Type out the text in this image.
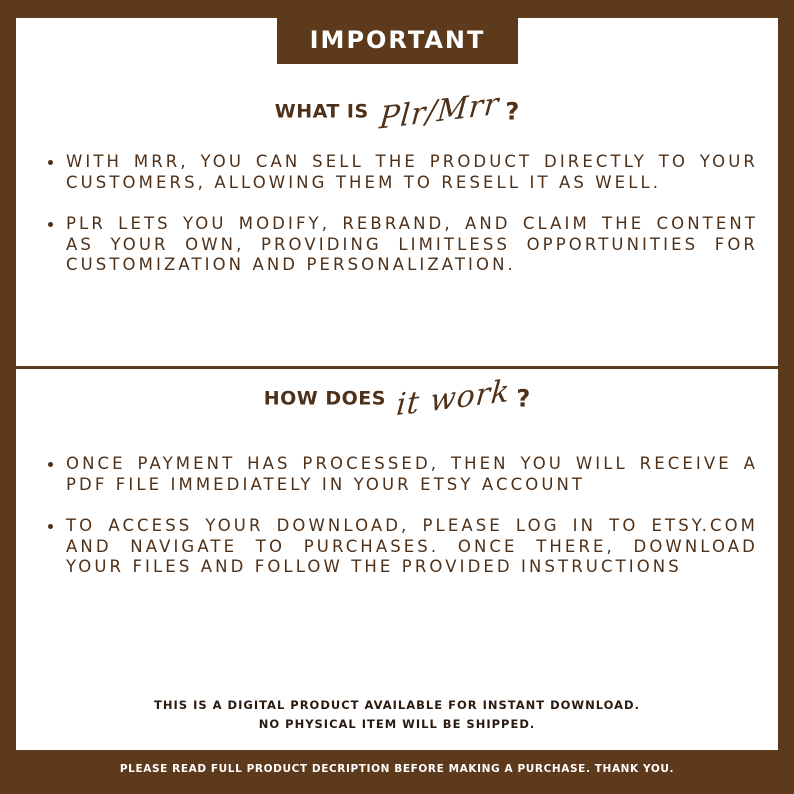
IMPORTANT
WHAT IS Plr/Mrr ?
WITH MRR, YOU CAN SELL THE PRODUCT DIRECTLY TO YOUR CUSTOMERS, ALLOWING THEM TO RESELL IT AS WELL.
PLR LETS YOU MODIFY, REBRAND, AND CLAIM THE CONTENT AS YOUR OWN, PROVIDING LIMITLESS OPPORTUNITIES FOR CUSTOMIZATION AND PERSONALIZATION.
HOW DOES it work ?
ONCE PAYMENT HAS PROCESSED, THEN YOU WILL RECEIVE A PDF FILE IMMEDIATELY IN YOUR ETSY ACCOUNT
TO ACCESS YOUR DOWNLOAD, PLEASE LOG IN TO ETSY.COM AND NAVIGATE TO PURCHASES. ONCE THERE, DOWNLOAD YOUR FILES AND FOLLOW THE PROVIDED INSTRUCTIONS
THIS IS A DIGITAL PRODUCT AVAILABLE FOR INSTANT DOWNLOAD.
NO PHYSICAL ITEM WILL BE SHIPPED.
PLEASE READ FULL PRODUCT DECRIPTION BEFORE MAKING A PURCHASE. THANK YOU.
